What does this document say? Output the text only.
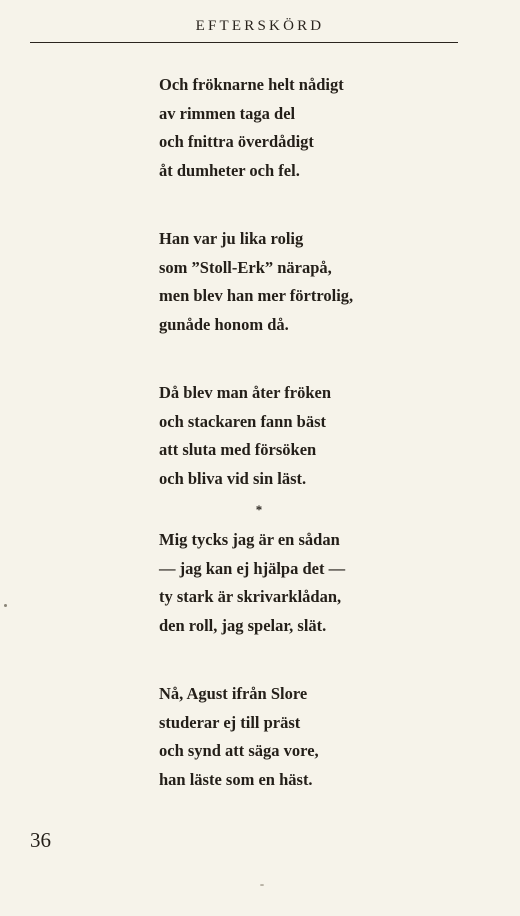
EFTERSKÖRD
Och fröknarne helt nådigt
av rimmen taga del
och fnittra överdådigt
åt dumheter och fel.
Han var ju lika rolig
som ”Stoll-Erk” närapå,
men blev han mer förtrolig,
gunåde honom då.
Då blev man åter fröken
och stackaren fann bäst
att sluta med försöken
och bliva vid sin läst.
*
Mig tycks jag är en sådan
— jag kan ej hjälpa det —
ty stark är skrivarklådan,
den roll, jag spelar, slät.
Nå, Agust ifrån Slore
studerar ej till präst
och synd att säga vore,
han läste som en häst.
36
